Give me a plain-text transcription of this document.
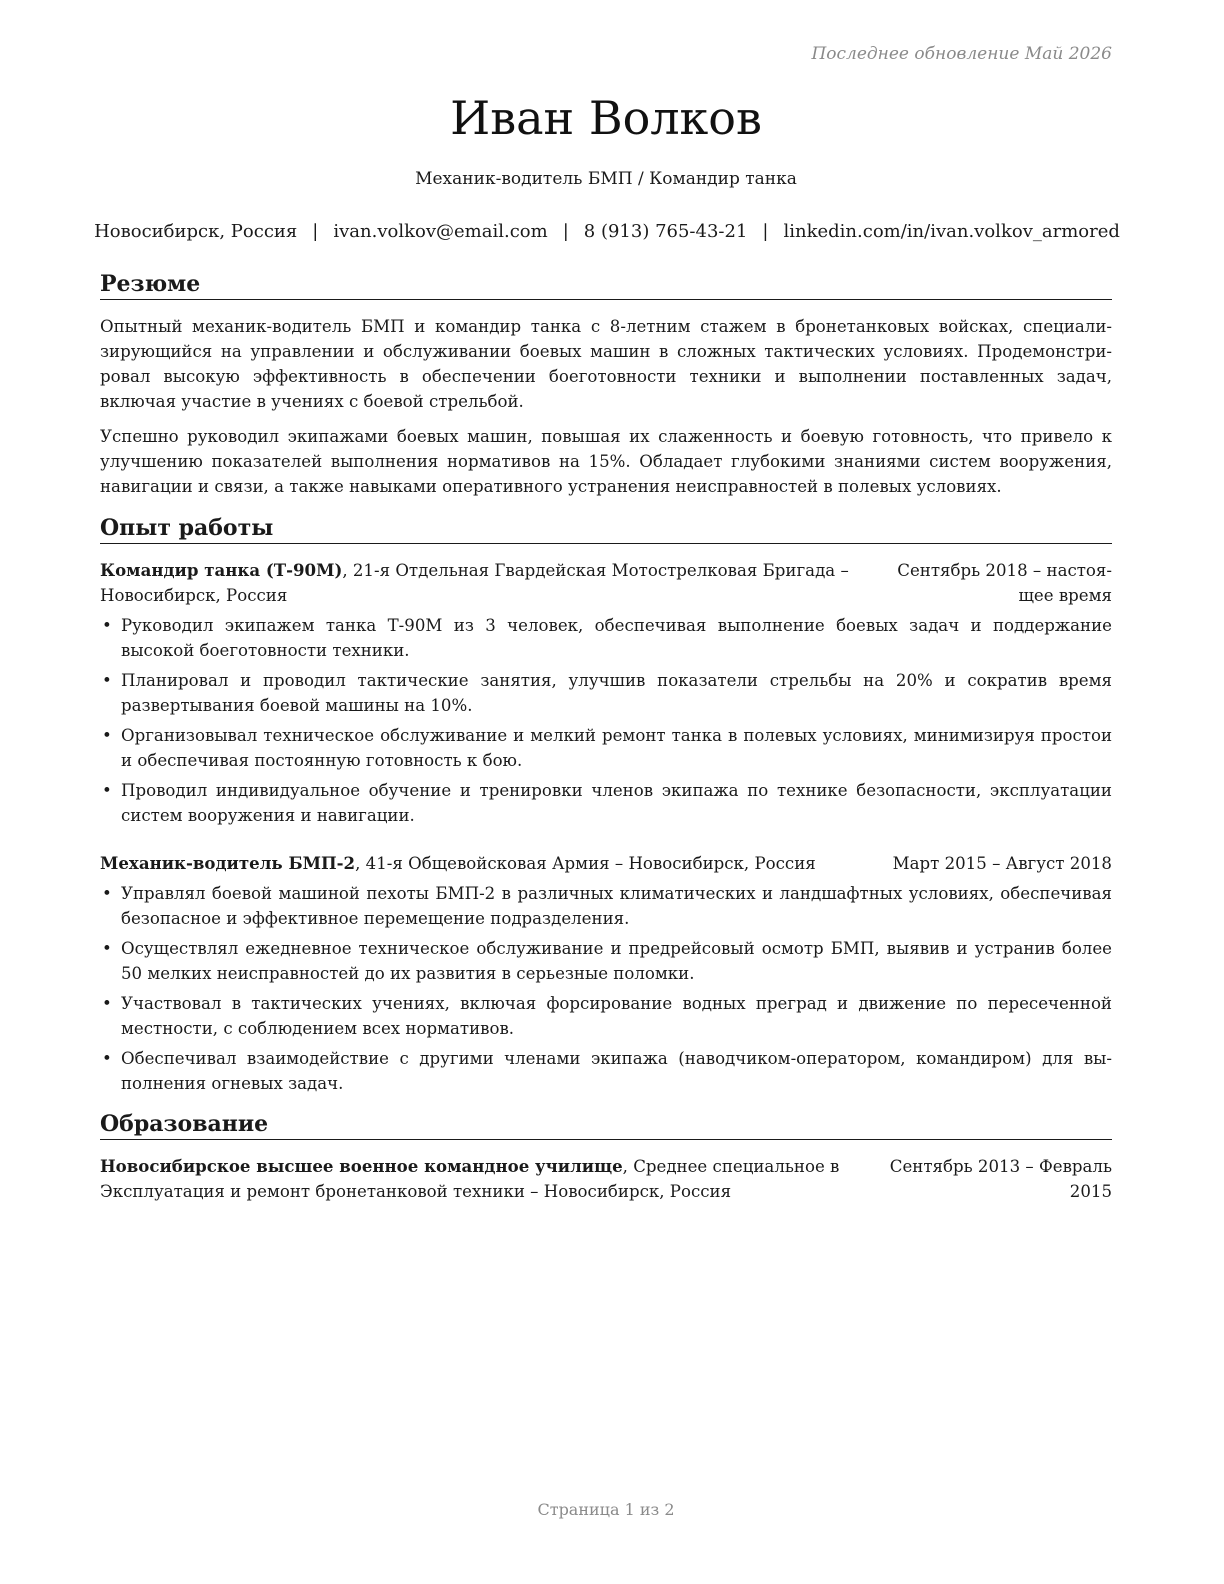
Последнее обновление Май 2026
Иван Волков
Механик-водитель БМП / Командир танка
Новосибирск, Россия | ivan.volkov@email.com | 8 (913) 765-43-21 | linkedin.com/in/ivan.volkov_armored
Резюме
Опытный механик-водитель БМП и командир танка с 8-летним стажем в бронетанковых войсках, специализирующийся на управлении и обслуживании боевых машин в сложных тактических условиях. Продемонстрировал высокую эффективность в обеспечении боеготовности техники и выполнении поставленных задач, включая участие в учениях с боевой стрельбой.
Успешно руководил экипажами боевых машин, повышая их слаженность и боевую готовность, что привело к улучшению показателей выполнения нормативов на 15%. Обладает глубокими знаниями систем вооружения, навигации и связи, а также навыками оперативного устранения неисправностей в полевых условиях.
Опыт работы
Командир танка (Т-90М), 21-я Отдельная Гвардейская Мотострелковая Бригада –	Сентябрь 2018 – настоя-
Новосибирск, Россия	щее время
• Руководил экипажем танка Т-90М из 3 человек, обеспечивая выполнение боевых задач и поддержание высокой боеготовности техники.
• Планировал и проводил тактические занятия, улучшив показатели стрельбы на 20% и сократив время развертывания боевой машины на 10%.
• Организовывал техническое обслуживание и мелкий ремонт танка в полевых условиях, минимизируя простои и обеспечивая постоянную готовность к бою.
• Проводил индивидуальное обучение и тренировки членов экипажа по технике безопасности, эксплуатации систем вооружения и навигации.
Механик-водитель БМП-2, 41-я Общевойсковая Армия – Новосибирск, Россия	Март 2015 – Август 2018
• Управлял боевой машиной пехоты БМП-2 в различных климатических и ландшафтных условиях, обеспечивая безопасное и эффективное перемещение подразделения.
• Осуществлял ежедневное техническое обслуживание и предрейсовый осмотр БМП, выявив и устранив более 50 мелких неисправностей до их развития в серьезные поломки.
• Участвовал в тактических учениях, включая форсирование водных преград и движение по пересеченной местности, с соблюдением всех нормативов.
• Обеспечивал взаимодействие с другими членами экипажа (наводчиком-оператором, командиром) для выполнения огневых задач.
Образование
Новосибирское высшее военное командное училище, Среднее специальное в	Сентябрь 2013 – Февраль
Эксплуатация и ремонт бронетанковой техники – Новосибирск, Россия	2015
Страница 1 из 2
